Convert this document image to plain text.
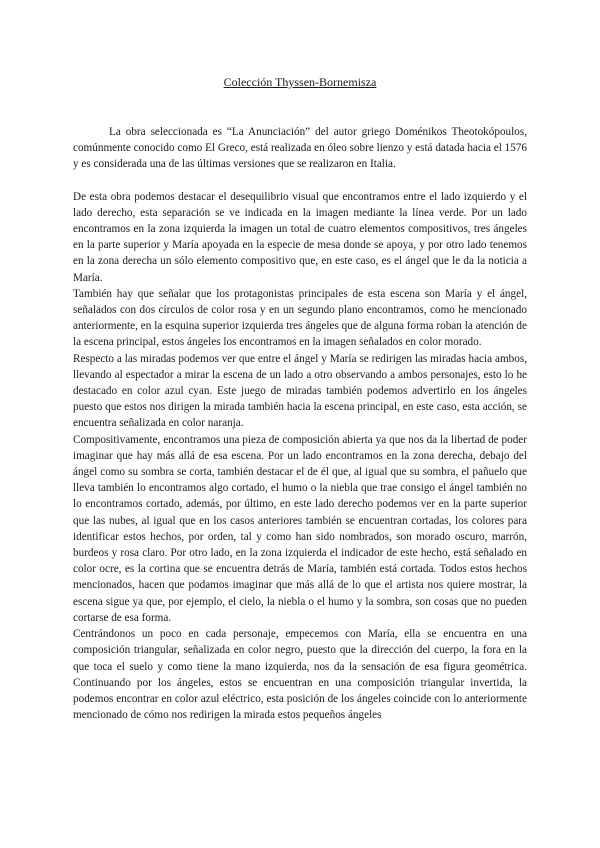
Colección Thyssen-Bornemisza

La obra seleccionada es “La Anunciación” del autor griego Doménikos Theotokópoulos, comúnmente conocido como El Greco, está realizada en óleo sobre lienzo y está datada hacia el 1576 y es considerada una de las últimas versiones que se realizaron en Italia.

De esta obra podemos destacar el desequilibrio visual que encontramos entre el lado izquierdo y el lado derecho, esta separación se ve indicada en la imagen mediante la línea verde. Por un lado encontramos en la zona izquierda la imagen un total de cuatro elementos compositivos, tres ángeles en la parte superior y María apoyada en la especie de mesa donde se apoya, y por otro lado tenemos en la zona derecha un sólo elemento compositivo que, en este caso, es el ángel que le da la noticia a María.

También hay que señalar que los protagonistas principales de esta escena son María y el ángel, señalados con dos círculos de color rosa y en un segundo plano encontramos, como he mencionado anteriormente, en la esquina superior izquierda tres ángeles que de alguna forma roban la atención de la escena principal, estos ángeles los encontramos en la imagen señalados en color morado.

Respecto a las miradas podemos ver que entre el ángel y María se redirigen las miradas hacia ambos, llevando al espectador a mirar la escena de un lado a otro observando a ambos personajes, esto lo he destacado en color azul cyan. Este juego de miradas también podemos advertirlo en los ángeles puesto que estos nos dirigen la mirada también hacia la escena principal, en este caso, esta acción, se encuentra señalizada en color naranja.

Compositivamente, encontramos una pieza de composición abierta ya que nos da la libertad de poder imaginar que hay más allá de esa escena. Por un lado encontramos en la zona derecha, debajo del ángel como su sombra se corta, también destacar el de él que, al igual que su sombra, el pañuelo que lleva también lo encontramos algo cortado, el humo o la niebla que trae consigo el ángel también no lo encontramos cortado, además, por último, en este lado derecho podemos ver en la parte superior que las nubes, al igual que en los casos anteriores también se encuentran cortadas, los colores para identificar estos hechos, por orden, tal y como han sido nombrados, son morado oscuro, marrón, burdeos y rosa claro. Por otro lado, en la zona izquierda el indicador de este hecho, está señalado en color ocre, es la cortina que se encuentra detrás de María, también está cortada. Todos estos hechos mencionados, hacen que podamos imaginar que más allá de lo que el artista nos quiere mostrar, la escena sigue ya que, por ejemplo, el cielo, la niebla o el humo y la sombra, son cosas que no pueden cortarse de esa forma.

Centrándonos un poco en cada personaje, empecemos con María, ella se encuentra en una composición triangular, señalizada en color negro, puesto que la dirección del cuerpo, la fora en la que toca el suelo y como tiene la mano izquierda, nos da la sensación de esa figura geométrica. Continuando por los ángeles, estos se encuentran en una composición triangular invertida, la podemos encontrar en color azul eléctrico, esta posición de los ángeles coincide con lo anteriormente mencionado de cómo nos redirigen la mirada estos pequeños ángeles
